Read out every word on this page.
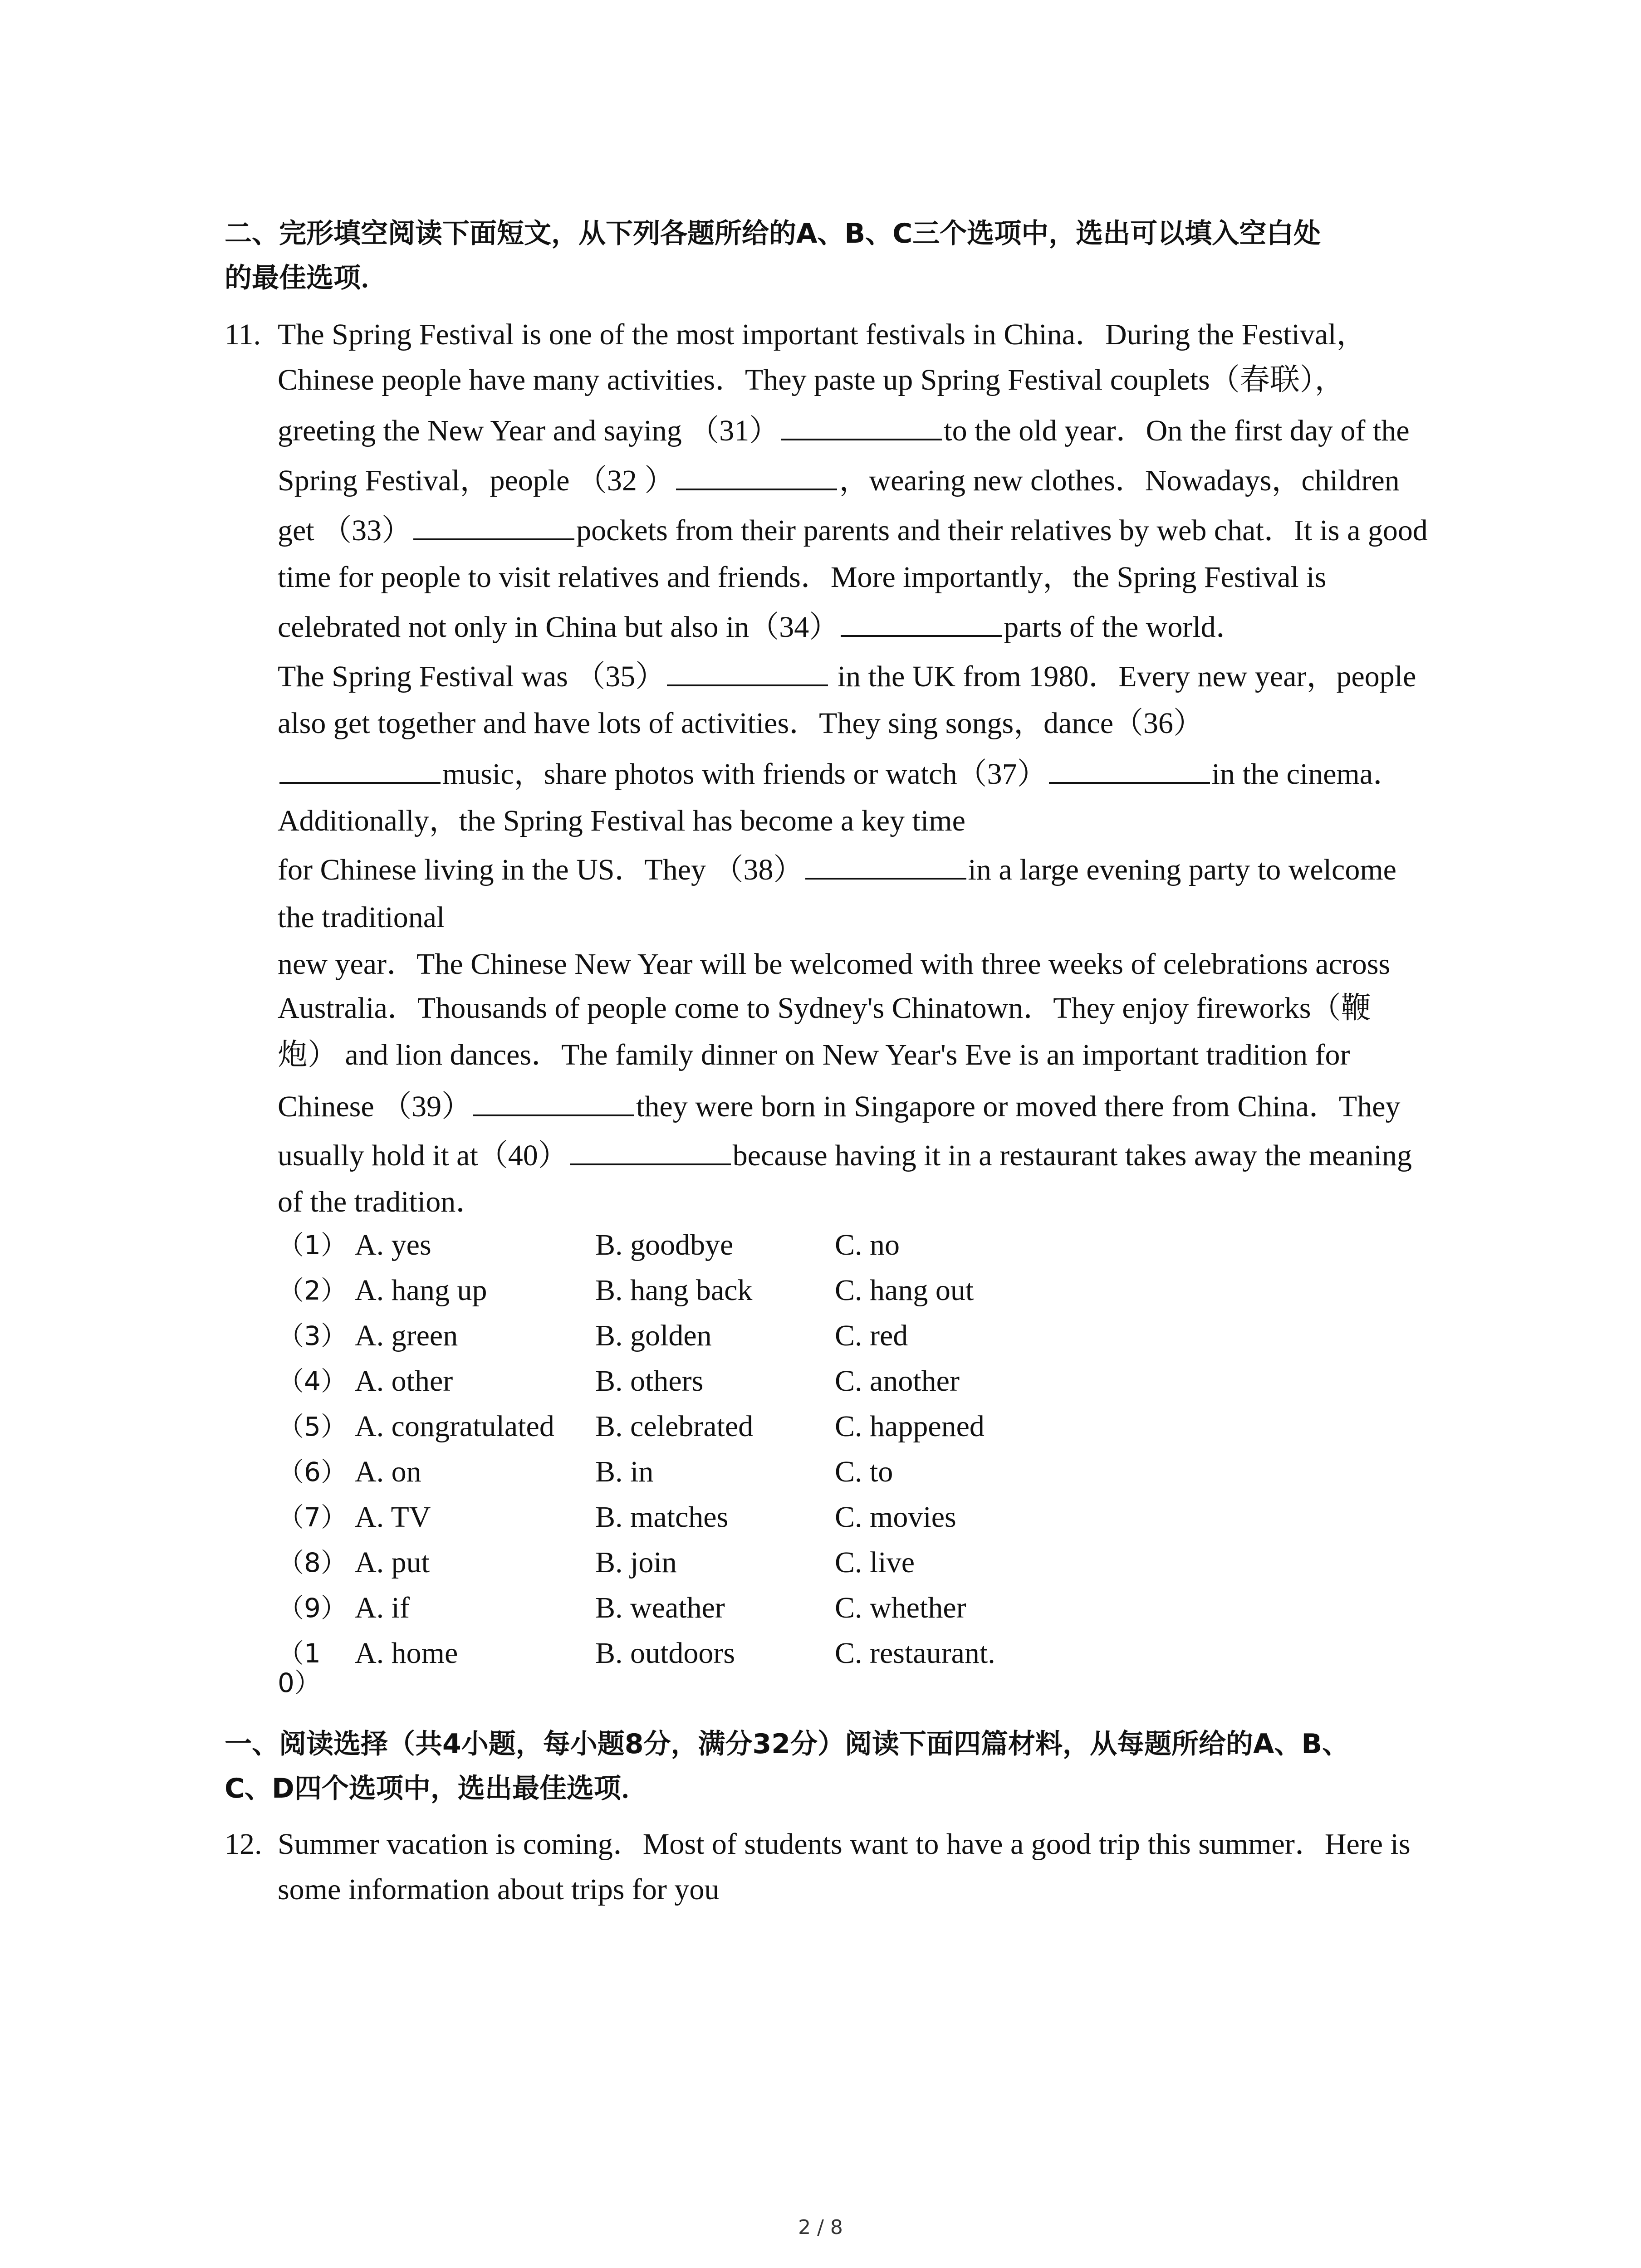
二、完形填空阅读下面短文，从下列各题所给的A、B、C三个选项中，选出可以填入空白处
的最佳选项．
11. The Spring Festival is one of the most important festivals in China．During the Festival，
Chinese people have many activities．They paste up Spring Festival couplets（春联），
greeting the New Year and saying （31）	to the old year．On the first day of the
Spring Festival，people （32 ）	，wearing new clothes．Nowadays，children
get （33）	pockets from their parents and their relatives by web chat．It is a good
time for people to visit relatives and friends．More importantly，the Spring Festival is
celebrated not only in China but also in（34）	parts of the world．
The Spring Festival was （35）	in the UK from 1980．Every new year，people
also get together and have lots of activities．They sing songs，dance（36）
music，share photos with friends or watch（37）	in the cinema．
Additionally，the Spring Festival has become a key time
for Chinese living in the US．They （38）	in a large evening party to welcome
the traditional
new year．The Chinese New Year will be welcomed with three weeks of celebrations across
Australia．Thousands of people come to Sydney's Chinatown．They enjoy fireworks（鞭
炮） and lion dances．The family dinner on New Year's Eve is an important tradition for
Chinese （39）	they were born in Singapore or moved there from China．They
usually hold it at（40）	because having it in a restaurant takes away the meaning
of the tradition．
（1） A. yes	B. goodbye	C. no
（2） A. hang up	B. hang back	C. hang out
（3） A. green	B. golden	C. red
（4） A. other	B. others	C. another
（5） A. congratulated B. celebrated	C. happened
（6） A. on	B. in	C. to
（7） A. TV	B. matches	C. movies
（8） A. put	B. join	C. live
（9） A. if	B. weather	C. whether
（1 A. home	B. outdoors	C. restaurant.
0）
一、阅读选择（共4小题，每小题8分，满分32分）阅读下面四篇材料，从每题所给的A、B、
C、D四个选项中，选出最佳选项．
12. Summer vacation is coming．Most of students want to have a good trip this summer．Here is
some information about trips for you
2 / 8
